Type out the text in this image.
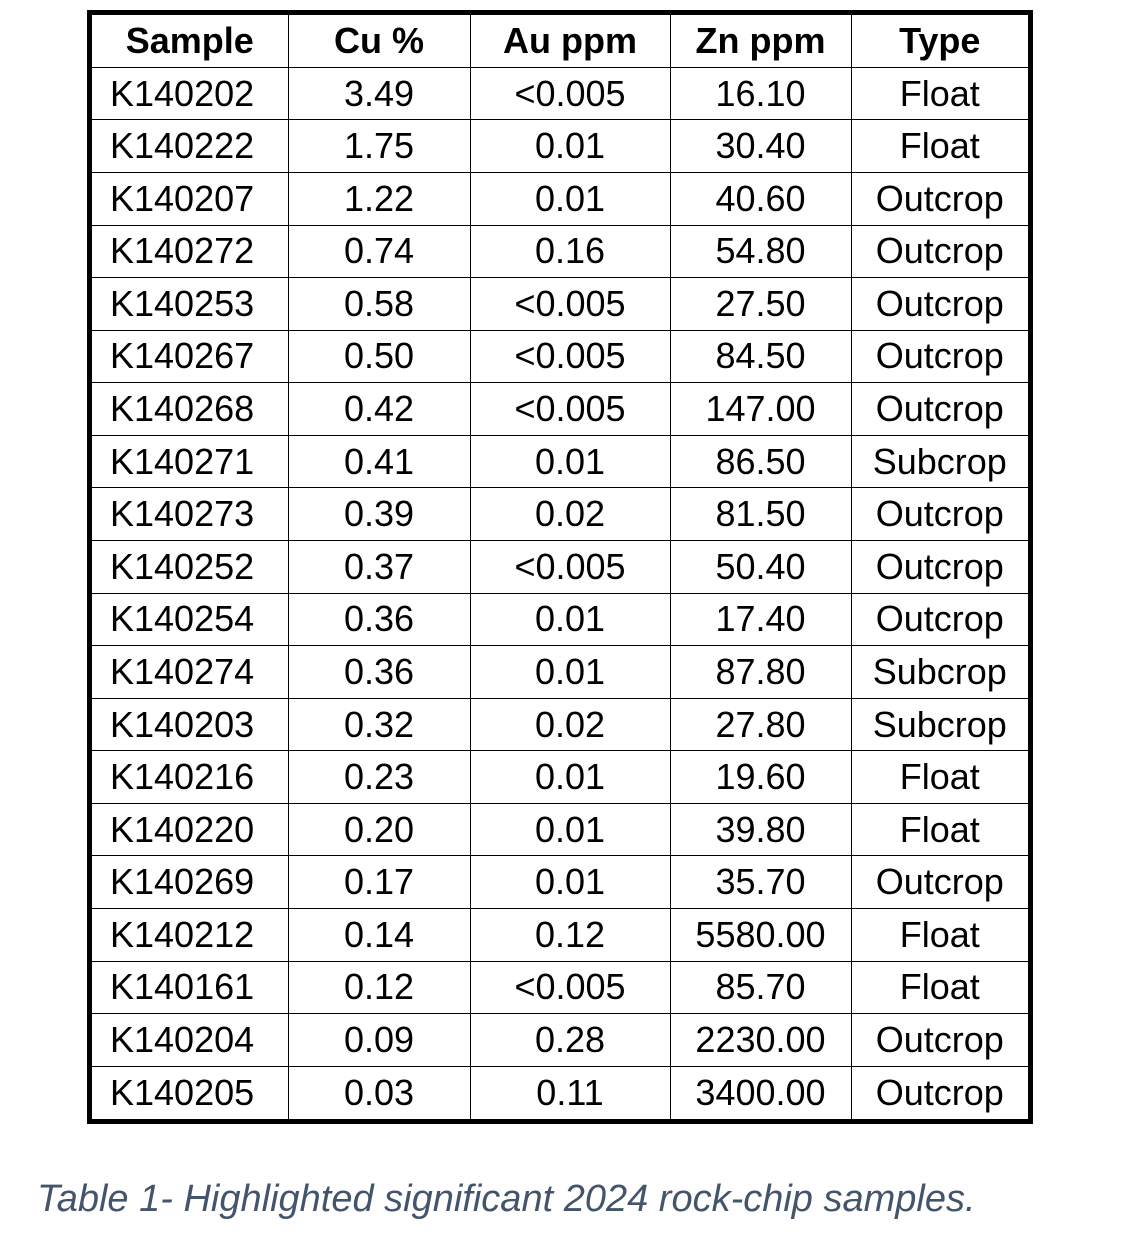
Sample	Cu %	Au ppm	Zn ppm	Type
K140202	3.49	<0.005	16.10	Float
K140222	1.75	0.01	30.40	Float
K140207	1.22	0.01	40.60	Outcrop
K140272	0.74	0.16	54.80	Outcrop
K140253	0.58	<0.005	27.50	Outcrop
K140267	0.50	<0.005	84.50	Outcrop
K140268	0.42	<0.005	147.00	Outcrop
K140271	0.41	0.01	86.50	Subcrop
K140273	0.39	0.02	81.50	Outcrop
K140252	0.37	<0.005	50.40	Outcrop
K140254	0.36	0.01	17.40	Outcrop
K140274	0.36	0.01	87.80	Subcrop
K140203	0.32	0.02	27.80	Subcrop
K140216	0.23	0.01	19.60	Float
K140220	0.20	0.01	39.80	Float
K140269	0.17	0.01	35.70	Outcrop
K140212	0.14	0.12	5580.00	Float
K140161	0.12	<0.005	85.70	Float
K140204	0.09	0.28	2230.00	Outcrop
K140205	0.03	0.11	3400.00	Outcrop
Table 1- Highlighted significant 2024 rock-chip samples.
